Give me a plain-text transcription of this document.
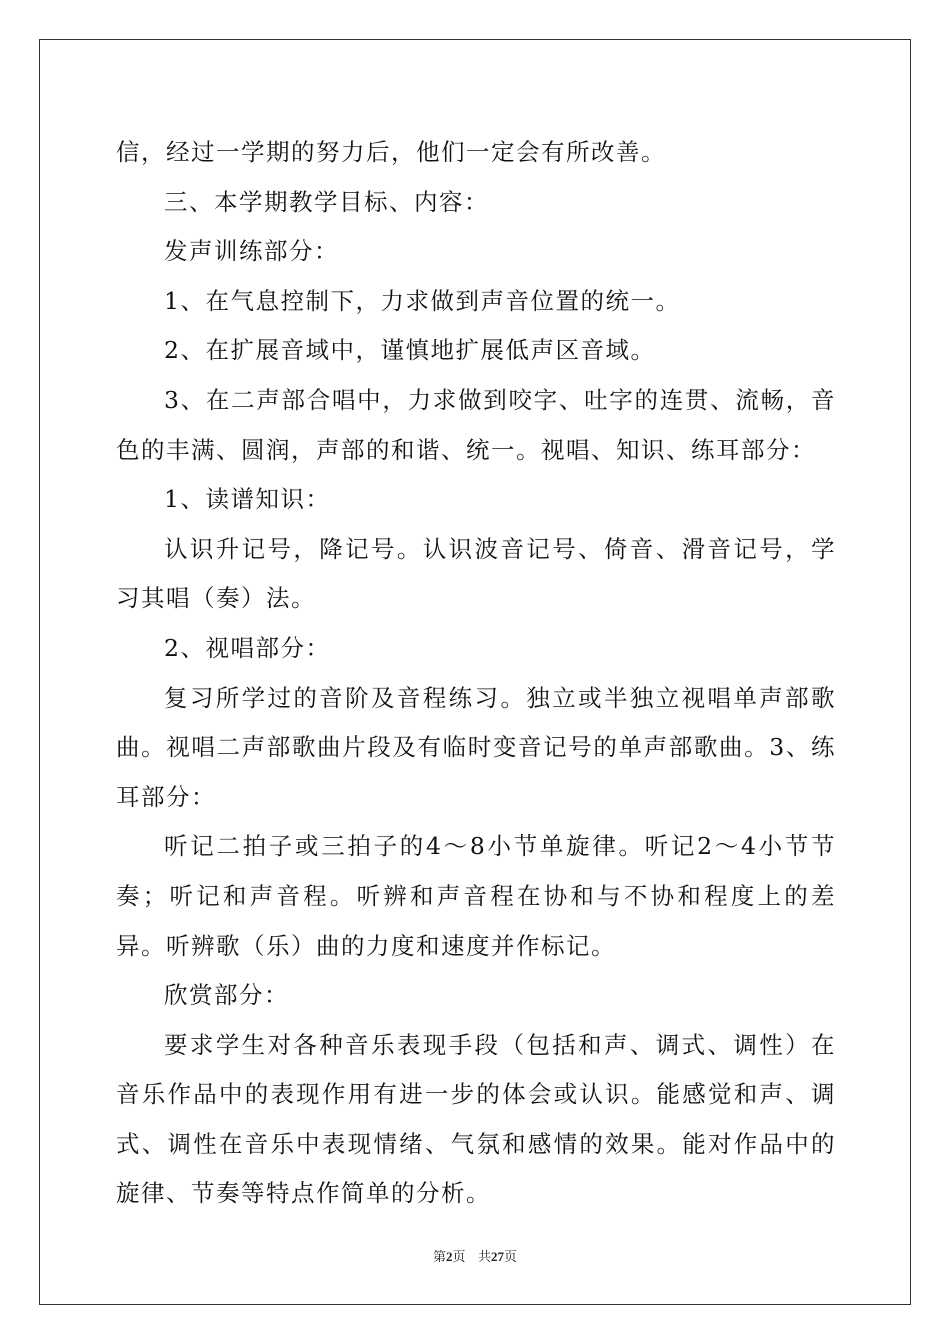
信，经过一学期的努力后，他们一定会有所改善。

三、本学期教学目标、内容：

发声训练部分：

1、在气息控制下，力求做到声音位置的统一。

2、在扩展音域中，谨慎地扩展低声区音域。

3、在二声部合唱中，力求做到咬字、吐字的连贯、流畅，音色的丰满、圆润，声部的和谐、统一。视唱、知识、练耳部分：

1、读谱知识：

认识升记号，降记号。认识波音记号、倚音、滑音记号，学习其唱（奏）法。

2、视唱部分：

复习所学过的音阶及音程练习。独立或半独立视唱单声部歌曲。视唱二声部歌曲片段及有临时变音记号的单声部歌曲。3、练耳部分：

听记二拍子或三拍子的4～8小节单旋律。听记2～4小节节奏；听记和声音程。听辨和声音程在协和与不协和程度上的差异。听辨歌（乐）曲的力度和速度并作标记。

欣赏部分：

要求学生对各种音乐表现手段（包括和声、调式、调性）在音乐作品中的表现作用有进一步的体会或认识。能感觉和声、调式、调性在音乐中表现情绪、气氛和感情的效果。能对作品中的旋律、节奏等特点作简单的分析。

第2页 共27页
